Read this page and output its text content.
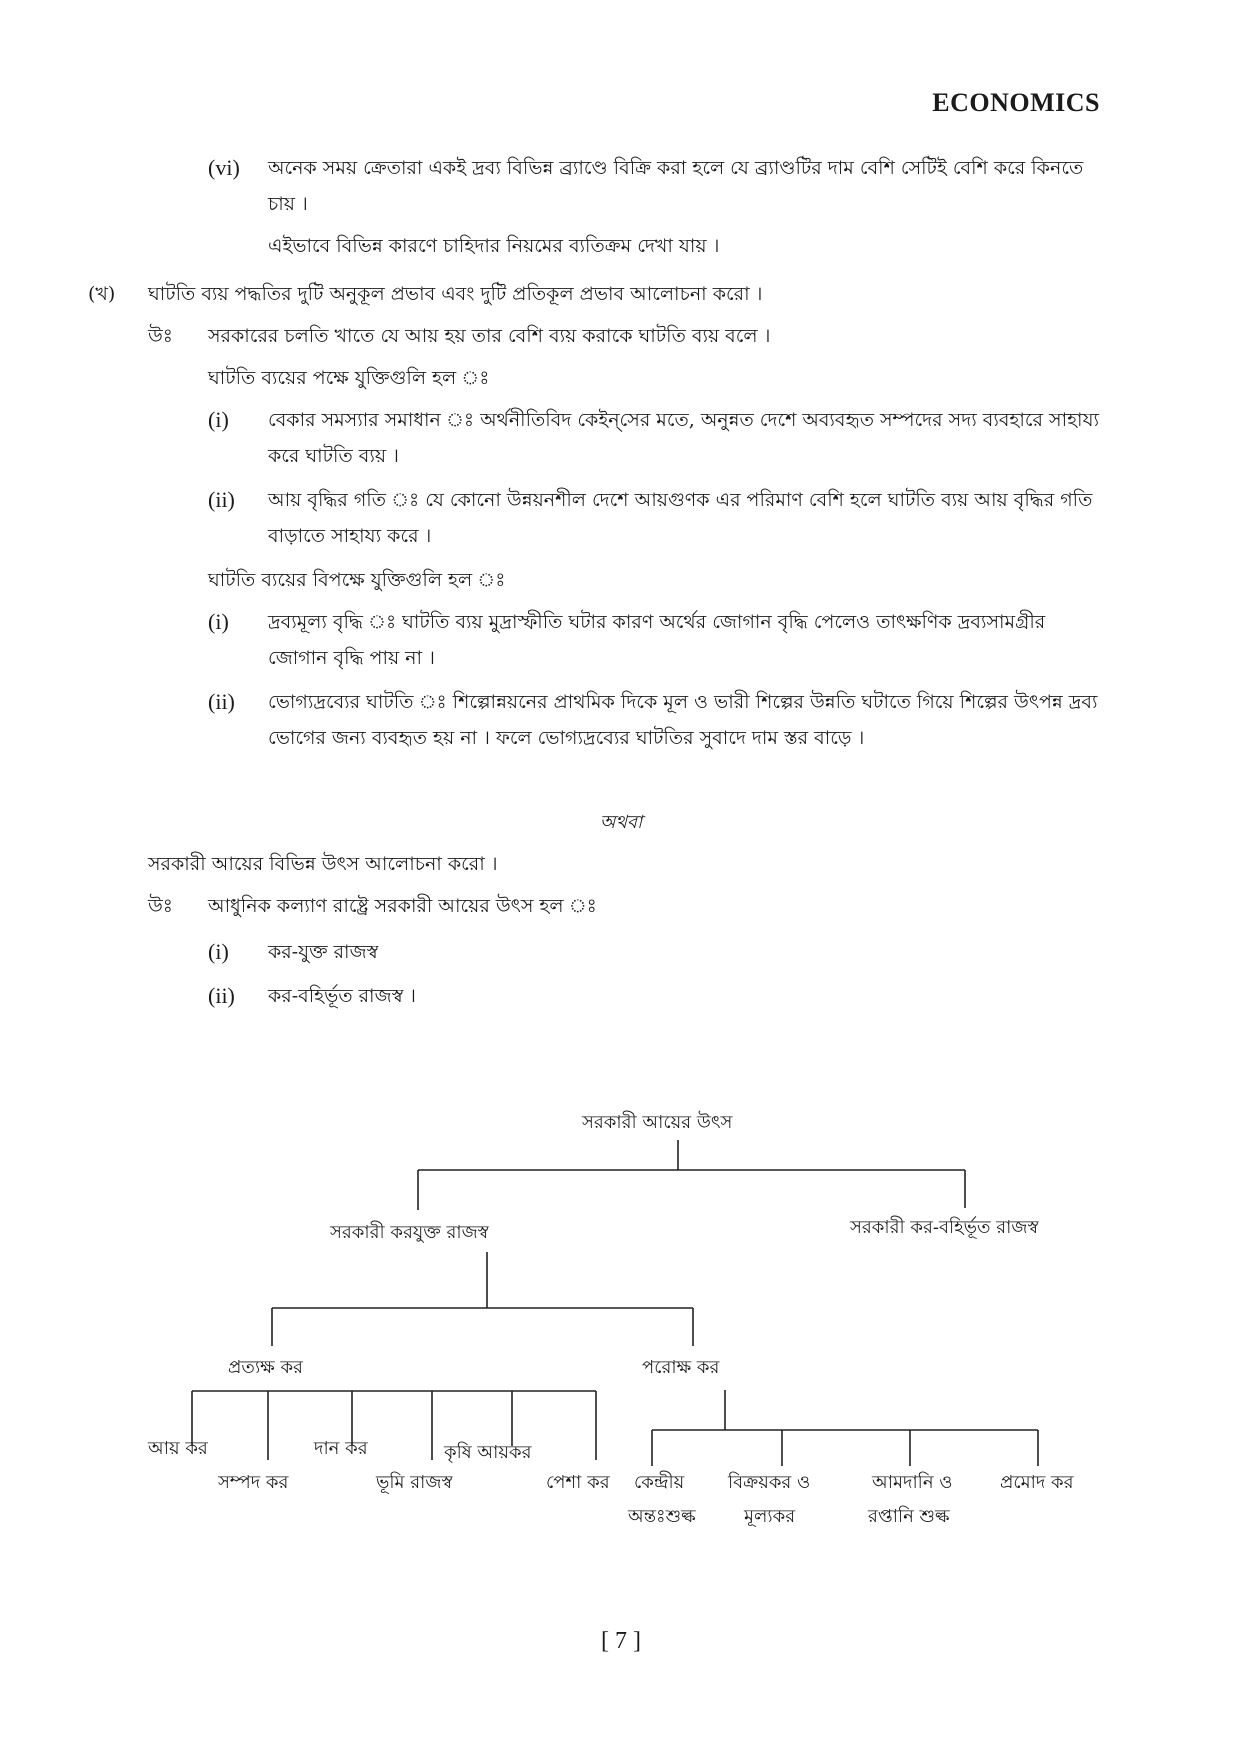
ECONOMICS
(vi) অনেক সময় ক্রেতারা একই দ্রব্য বিভিন্ন ব্র্যাণ্ডে বিক্রি করা হলে যে ব্র্যাণ্ডটির দাম বেশি সেটিই বেশি করে কিনতে চায় ।
এইভাবে বিভিন্ন কারণে চাহিদার নিয়মের ব্যতিক্রম দেখা যায় ।
(খ) ঘাটতি ব্যয় পদ্ধতির দুটি অনুকূল প্রভাব এবং দুটি প্রতিকূল প্রভাব আলোচনা করো ।
উঃ সরকারের চলতি খাতে যে আয় হয় তার বেশি ব্যয় করাকে ঘাটতি ব্যয় বলে ।
ঘাটতি ব্যয়ের পক্ষে যুক্তিগুলি হল ঃ
(i) বেকার সমস্যার সমাধান ঃ অর্থনীতিবিদ কেইন্‌সের মতে, অনুন্নত দেশে অব্যবহৃত সম্পদের সদ্য ব্যবহারে সাহায্য করে ঘাটতি ব্যয় ।
(ii) আয় বৃদ্ধির গতি ঃ যে কোনো উন্নয়নশীল দেশে আয়গুণক এর পরিমাণ বেশি হলে ঘাটতি ব্যয় আয় বৃদ্ধির গতি বাড়াতে সাহায্য করে ।
ঘাটতি ব্যয়ের বিপক্ষে যুক্তিগুলি হল ঃ
(i) দ্রব্যমূল্য বৃদ্ধি ঃ ঘাটতি ব্যয় মুদ্রাস্ফীতি ঘটার কারণ অর্থের জোগান বৃদ্ধি পেলেও তাৎক্ষণিক দ্রব্যসামগ্রীর জোগান বৃদ্ধি পায় না ।
(ii) ভোগ্যদ্রব্যের ঘাটতি ঃ শিল্পোন্নয়নের প্রাথমিক দিকে মূল ও ভারী শিল্পের উন্নতি ঘটাতে গিয়ে শিল্পের উৎপন্ন দ্রব্য ভোগের জন্য ব্যবহৃত হয় না । ফলে ভোগ্যদ্রব্যের ঘাটতির সুবাদে দাম স্তর বাড়ে ।
অথবা
সরকারী আয়ের বিভিন্ন উৎস আলোচনা করো ।
উঃ আধুনিক কল্যাণ রাষ্ট্রে সরকারী আয়ের উৎস হল ঃ
(i) কর-যুক্ত রাজস্ব
(ii) কর-বহির্ভূত রাজস্ব ।
সরকারী আয়ের উৎস
সরকারী করযুক্ত রাজস্ব	সরকারী কর-বহির্ভূত রাজস্ব
প্রত্যক্ষ কর	পরোক্ষ কর
আয় কর
সম্পদ কর
দান কর
ভূমি রাজস্ব
কৃষি আয়কর
পেশা কর কেন্দ্রীয়
অন্তঃশুল্ক
বিক্রয়কর ও
মূল্যকর
আমদানি ও
রপ্তানি শুল্ক
প্রমোদ কর
[ 7 ]
